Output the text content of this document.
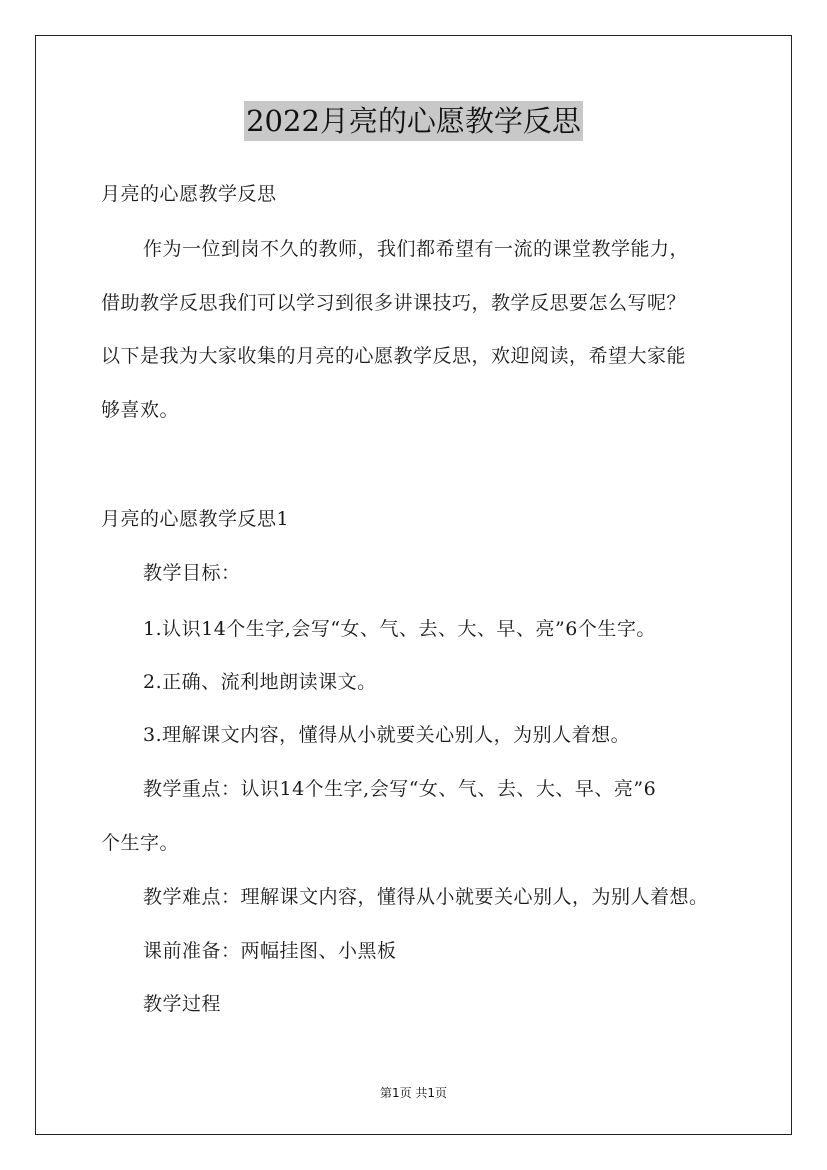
2022月亮的心愿教学反思
月亮的心愿教学反思
作为一位到岗不久的教师，我们都希望有一流的课堂教学能力，
借助教学反思我们可以学习到很多讲课技巧，教学反思要怎么写呢？
以下是我为大家收集的月亮的心愿教学反思，欢迎阅读，希望大家能
够喜欢。
月亮的心愿教学反思1
教学目标：
1.认识14个生字,会写“女、气、去、大、早、亮”6个生字。
2.正确、流利地朗读课文。
3.理解课文内容，懂得从小就要关心别人，为别人着想。
教学重点：认识14个生字,会写“女、气、去、大、早、亮”6
个生字。
教学难点：理解课文内容，懂得从小就要关心别人，为别人着想。
课前准备：两幅挂图、小黑板
教学过程
第1页 共1页
